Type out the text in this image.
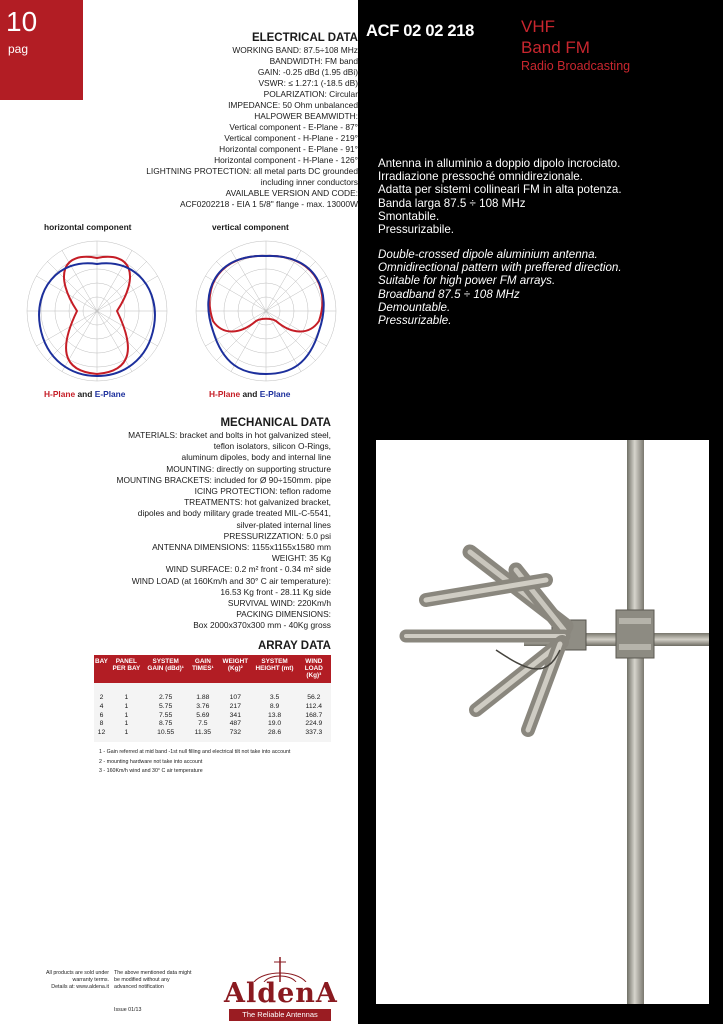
10
pag
ACF 02 02 218	VHF
Band FM
Radio Broadcasting
Antenna in alluminio a doppio dipolo incrociato.
Irradiazione pressoché omnidirezionale.
Adatta per sistemi collineari FM in alta potenza.
Banda larga 87.5 ÷ 108 MHz
Smontabile.
Pressurizabile.
Double-crossed dipole aluminium antenna.
Omnidirectional pattern with preffered direction.
Suitable for high power FM arrays.
Broadband 87.5 ÷ 108 MHz
Demountable.
Pressurizable.
ELECTRICAL DATA
WORKING BAND: 87.5÷108 MHz
BANDWIDTH: FM band
GAIN: -0.25 dBd (1.95 dBi)
VSWR: ≤ 1.27:1 (-18.5 dB)
POLARIZATION: Circular
IMPEDANCE: 50 Ohm unbalanced
HALPOWER BEAMWIDTH:
Vertical component - E-Plane - 87°
Vertical component - H-Plane - 219°
Horizontal component - E-Plane - 91°
Horizontal component - H-Plane - 126°
LIGHTNING PROTECTION: all metal parts DC grounded
including inner conductors
AVAILABLE VERSION AND CODE:
ACF0202218 - EIA 1 5/8" flange - max. 13000W
horizontal component	vertical component
H-Plane and E-Plane	H-Plane and E-Plane
MECHANICAL DATA
MATERIALS: bracket and bolts in hot galvanized steel,
teflon isolators, silicon O-Rings,
aluminum dipoles, body and internal line
MOUNTING: directly on supporting structure
MOUNTING BRACKETS: included for Ø 90÷150mm. pipe
ICING PROTECTION: teflon radome
TREATMENTS: hot galvanized bracket,
dipoles and body military grade treated MIL-C-5541,
silver-plated internal lines
PRESSURIZZATION: 5.0 psi
ANTENNA DIMENSIONS: 1155x1155x1580 mm
WEIGHT: 35 Kg
WIND SURFACE: 0.2 m² front - 0.34 m² side
WIND LOAD (at 160Km/h and 30° C air temperature):
16.53 Kg front - 28.11 Kg side
SURVIVAL WIND: 220Km/h
PACKING DIMENSIONS:
Box 2000x370x300 mm - 40Kg gross
ARRAY DATA
BAY	PANEL PER BAY	SYSTEM GAIN (dBd)¹	GAIN TIMES¹	WEIGHT (Kg)²	SYSTEM HEIGHT (mt)	WIND LOAD (Kg)³

2	1	2.75	1.88	107	3.5	56.2
4	1	5.75	3.76	217	8.9	112.4
6	1	7.55	5.69	341	13.8	168.7
8	1	8.75	7.5	487	19.0	224.9
12	1	10.55	11.35	732	28.6	337.3

1 - Gain referred at mid band -1st null filling and electrical tilt not take into account
2 - mounting hardware not take into account
3 - 160Km/h wind and 30° C air temperature
All products are sold under
warranty terms.
Details at: www.aldena.it
The above mentioned data might
be modified without any
advanced notification
Issue 01/13
AldenA
The Reliable Antennas
